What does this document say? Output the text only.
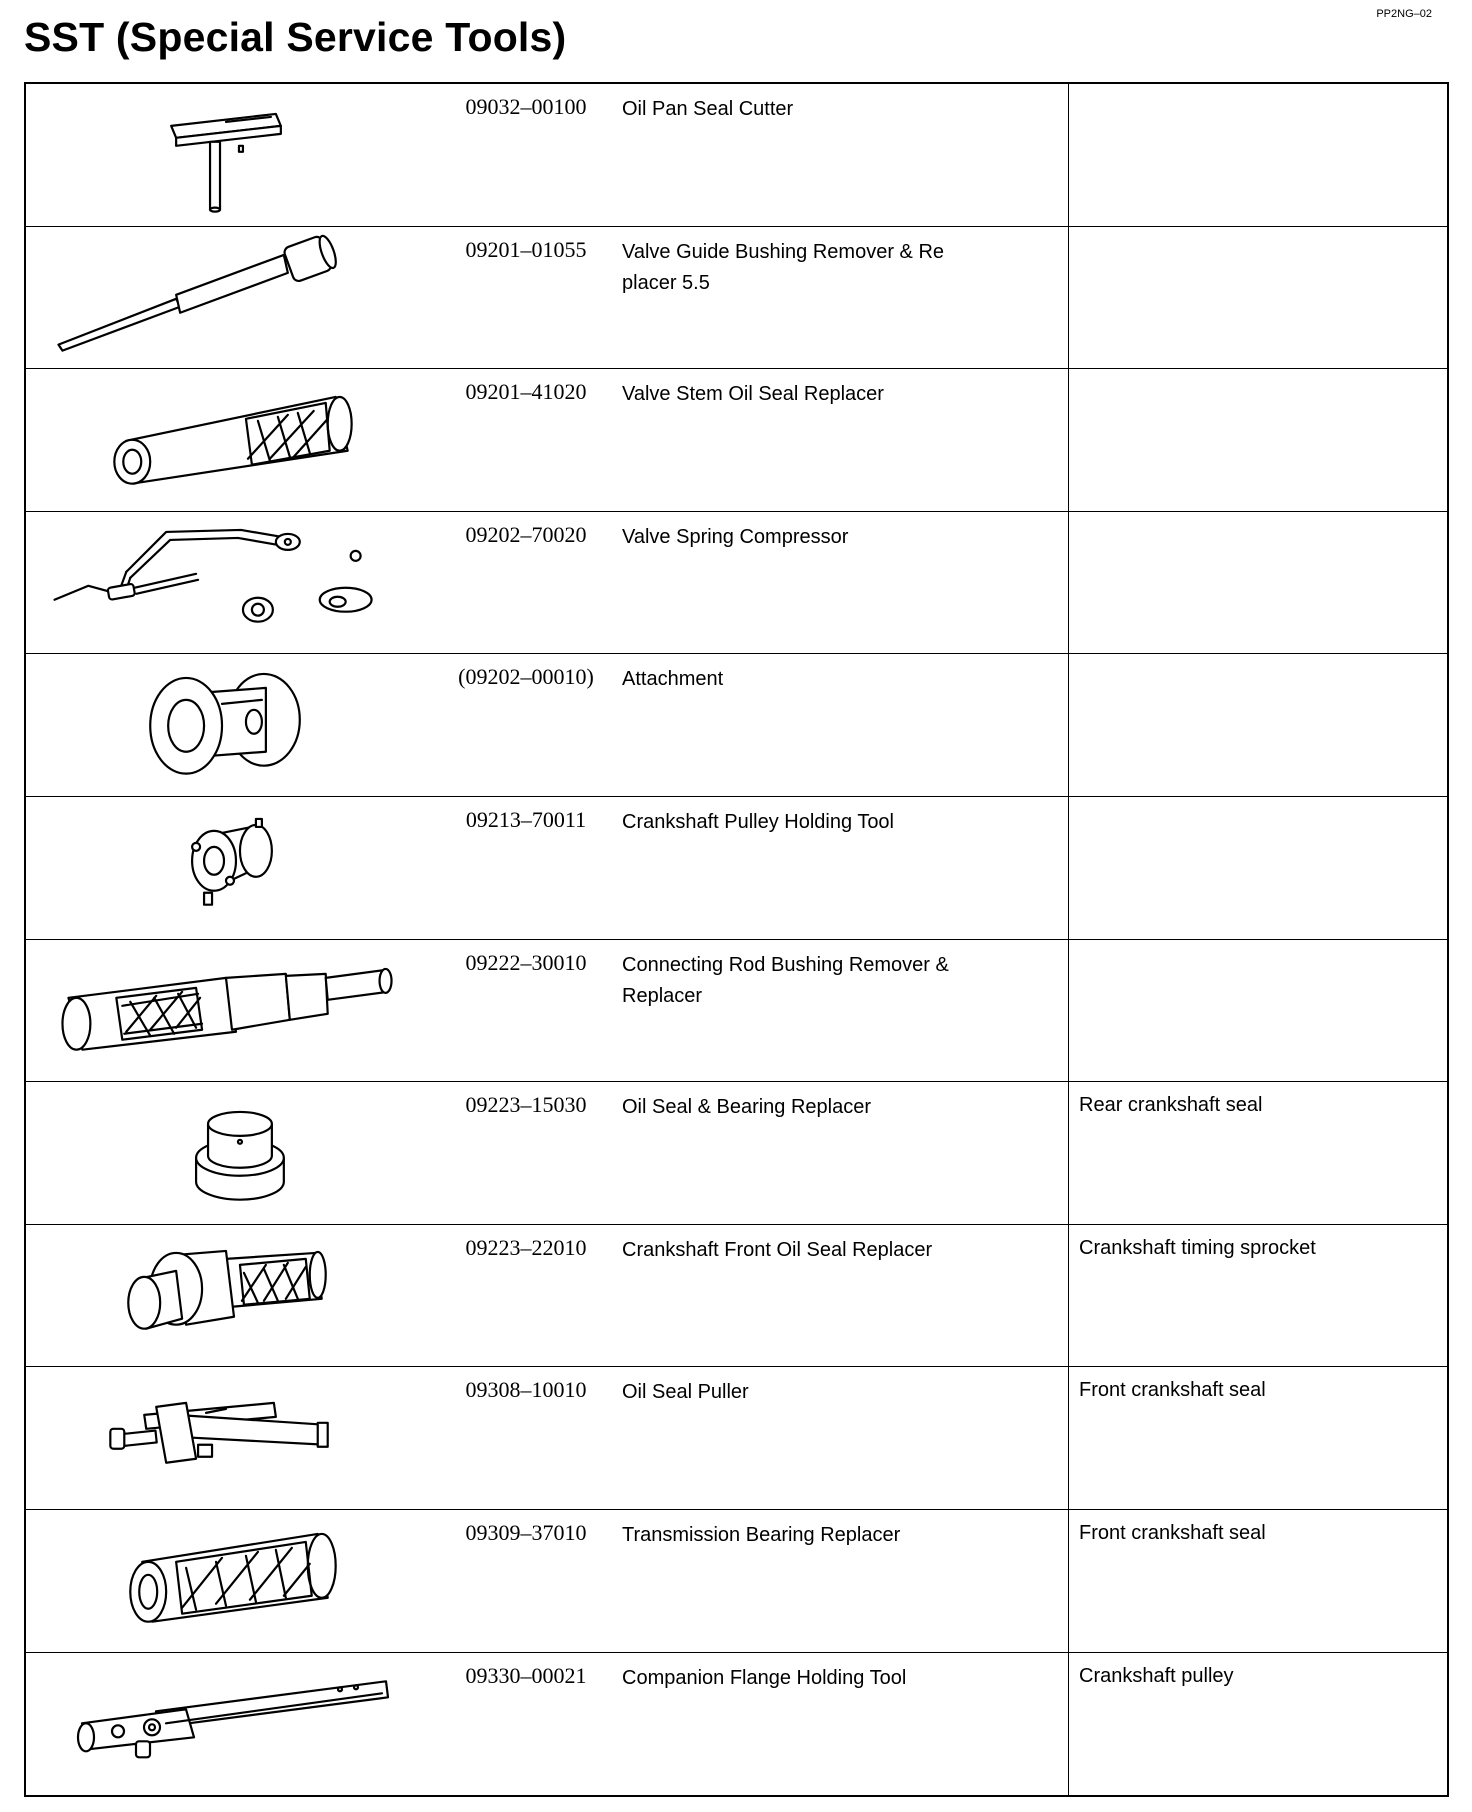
SST (Special Service Tools)	PP2NG–02
09032–00100	Oil Pan Seal Cutter
09201–01055	Valve Guide Bushing Remover & Re placer 5.5
09201–41020	Valve Stem Oil Seal Replacer
09202–70020	Valve Spring Compressor
(09202–00010)	Attachment
09213–70011	Crankshaft Pulley Holding Tool
09222–30010	Connecting Rod Bushing Remover & Replacer
09223–15030	Oil Seal & Bearing Replacer	Rear crankshaft seal
09223–22010	Crankshaft Front Oil Seal Replacer	Crankshaft timing sprocket
09308–10010	Oil Seal Puller	Front crankshaft seal
09309–37010	Transmission Bearing Replacer	Front crankshaft seal
09330–00021	Companion Flange Holding Tool	Crankshaft pulley
